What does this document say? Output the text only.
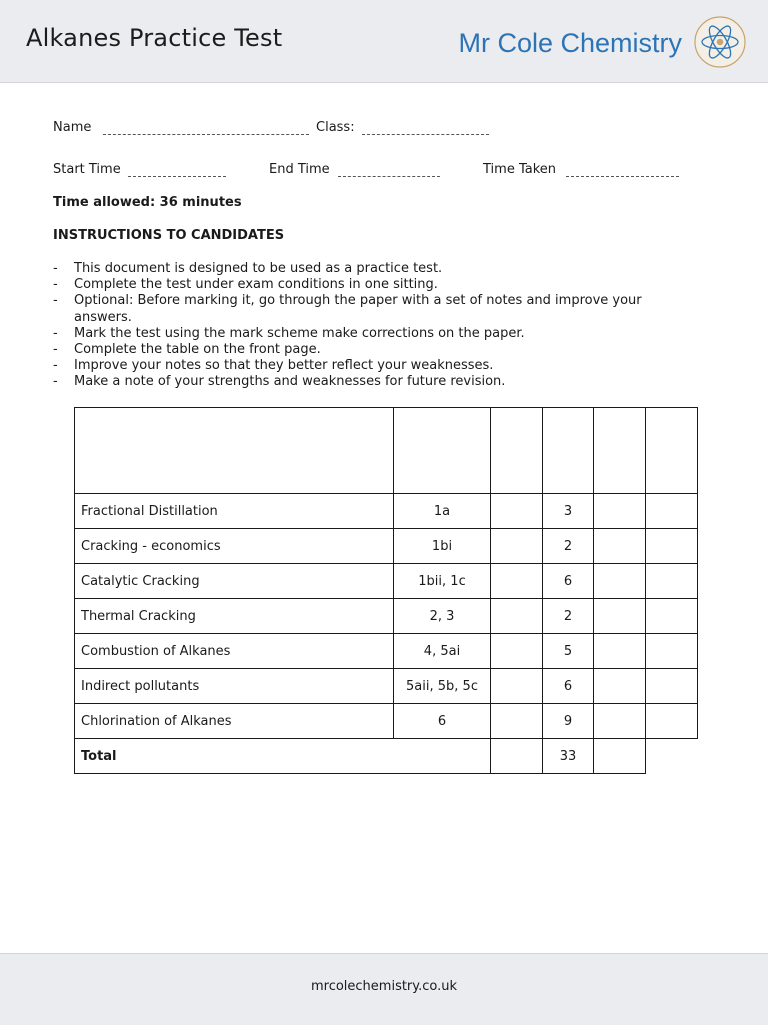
Alkanes Practice Test	Mr Cole Chemistry
Name	Class:
Start Time	End Time	Time Taken
Time allowed: 36 minutes
INSTRUCTIONS TO CANDIDATES
- This document is designed to be used as a practice test.
- Complete the test under exam conditions in one sitting.
- Optional: Before marking it, go through the paper with a set of notes and improve your answers.
- Mark the test using the mark scheme make corrections on the paper.
- Complete the table on the front page.
- Improve your notes so that they better reflect your weaknesses.
- Make a note of your strengths and weaknesses for future revision.

Fractional Distillation	1a		3		
Cracking - economics	1bi		2		
Catalytic Cracking	1bii, 1c		6		
Thermal Cracking	2, 3		2		
Combustion of Alkanes	4, 5ai		5		
Indirect pollutants	5aii, 5b, 5c		6		
Chlorination of Alkanes	6		9		
Total			33		
mrcolechemistry.co.uk
